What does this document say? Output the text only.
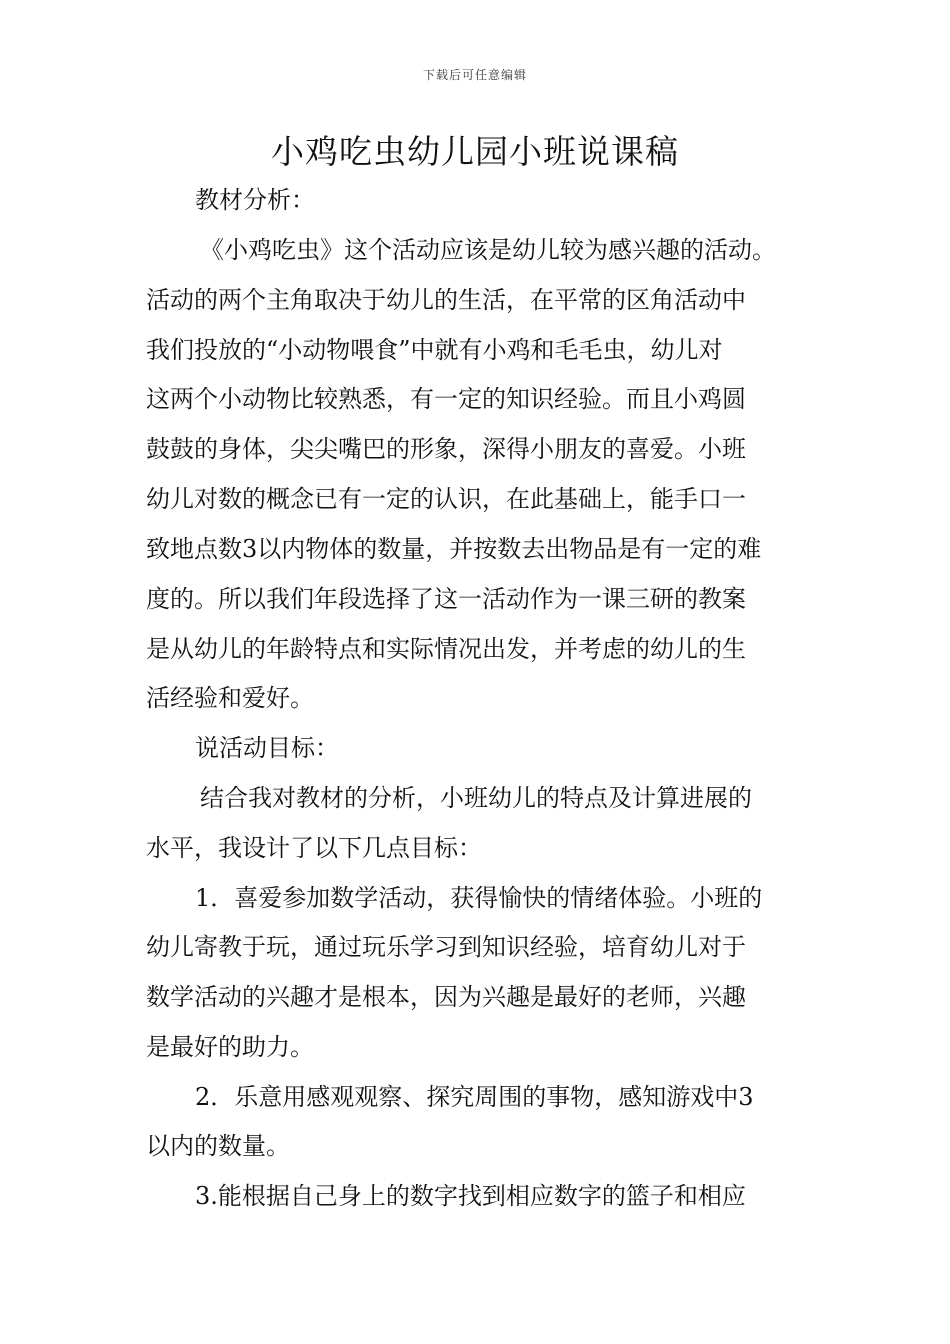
下载后可任意编辑
小鸡吃虫幼儿园小班说课稿
教材分析：
《小鸡吃虫》这个活动应该是幼儿较为感兴趣的活动。
活动的两个主角取决于幼儿的生活，在平常的区角活动中
我们投放的“小动物喂食”中就有小鸡和毛毛虫，幼儿对
这两个小动物比较熟悉，有一定的知识经验。而且小鸡圆
鼓鼓的身体，尖尖嘴巴的形象，深得小朋友的喜爱。小班
幼儿对数的概念已有一定的认识，在此基础上，能手口一
致地点数3以内物体的数量，并按数去出物品是有一定的难
度的。所以我们年段选择了这一活动作为一课三研的教案
是从幼儿的年龄特点和实际情况出发，并考虑的幼儿的生
活经验和爱好。
说活动目标：
结合我对教材的分析，小班幼儿的特点及计算进展的
水平，我设计了以下几点目标：
1．喜爱参加数学活动，获得愉快的情绪体验。小班的
幼儿寄教于玩，通过玩乐学习到知识经验，培育幼儿对于
数学活动的兴趣才是根本，因为兴趣是最好的老师，兴趣
是最好的助力。
2．乐意用感观观察、探究周围的事物，感知游戏中3
以内的数量。
3.能根据自己身上的数字找到相应数字的篮子和相应
